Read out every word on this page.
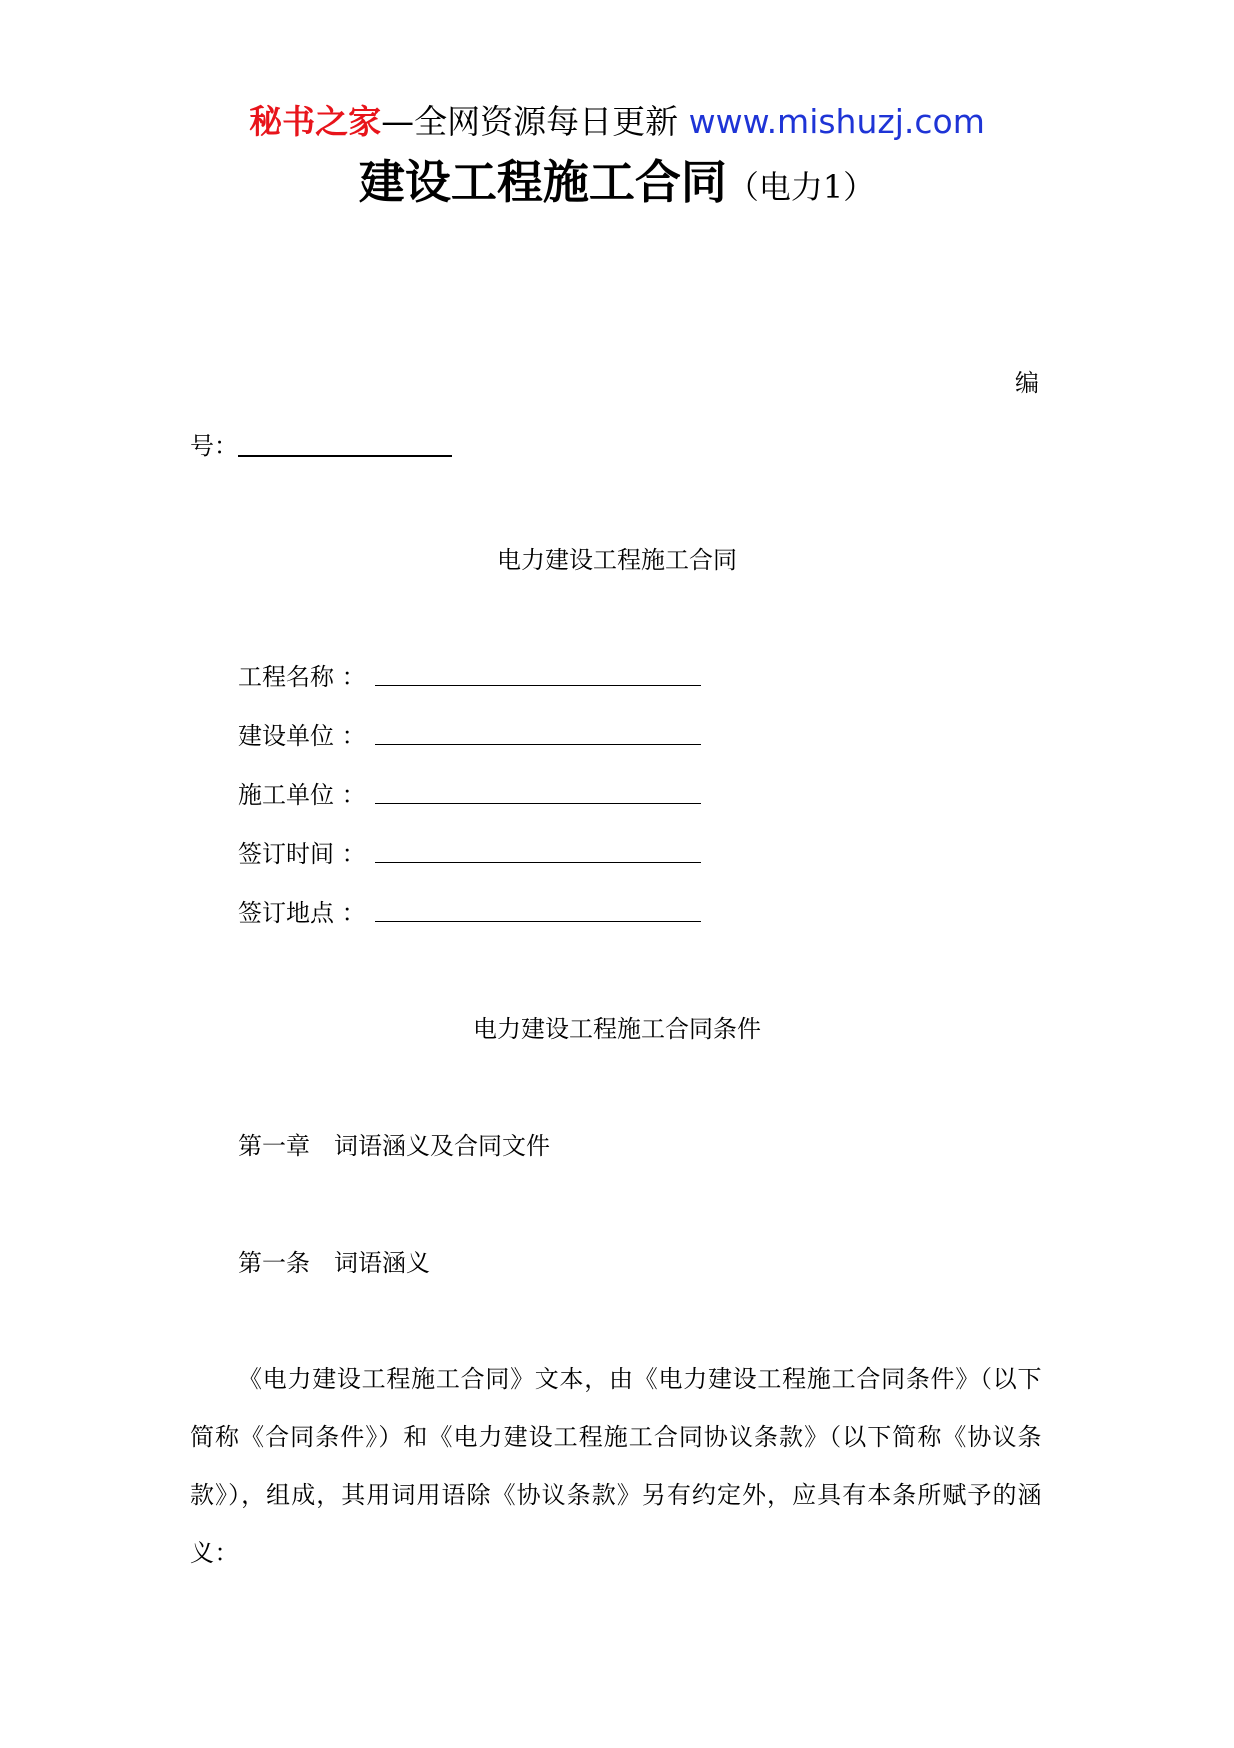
秘书之家—全网资源每日更新 www.mishuzj.com
建设工程施工合同（电力1）
编
号：
电力建设工程施工合同
工程名称 ：
建设单位 ：
施工单位 ：
签订时间 ：
签订地点 ：
电力建设工程施工合同条件
第一章　词语涵义及合同文件
第一条　词语涵义
《电力建设工程施工合同》文本，由《电力建设工程施工合同条件》（以下简称《合同条件》）和《电力建设工程施工合同协议条款》（以下简称《协议条款》），组成，其用词用语除《协议条款》另有约定外，应具有本条所赋予的涵义：
